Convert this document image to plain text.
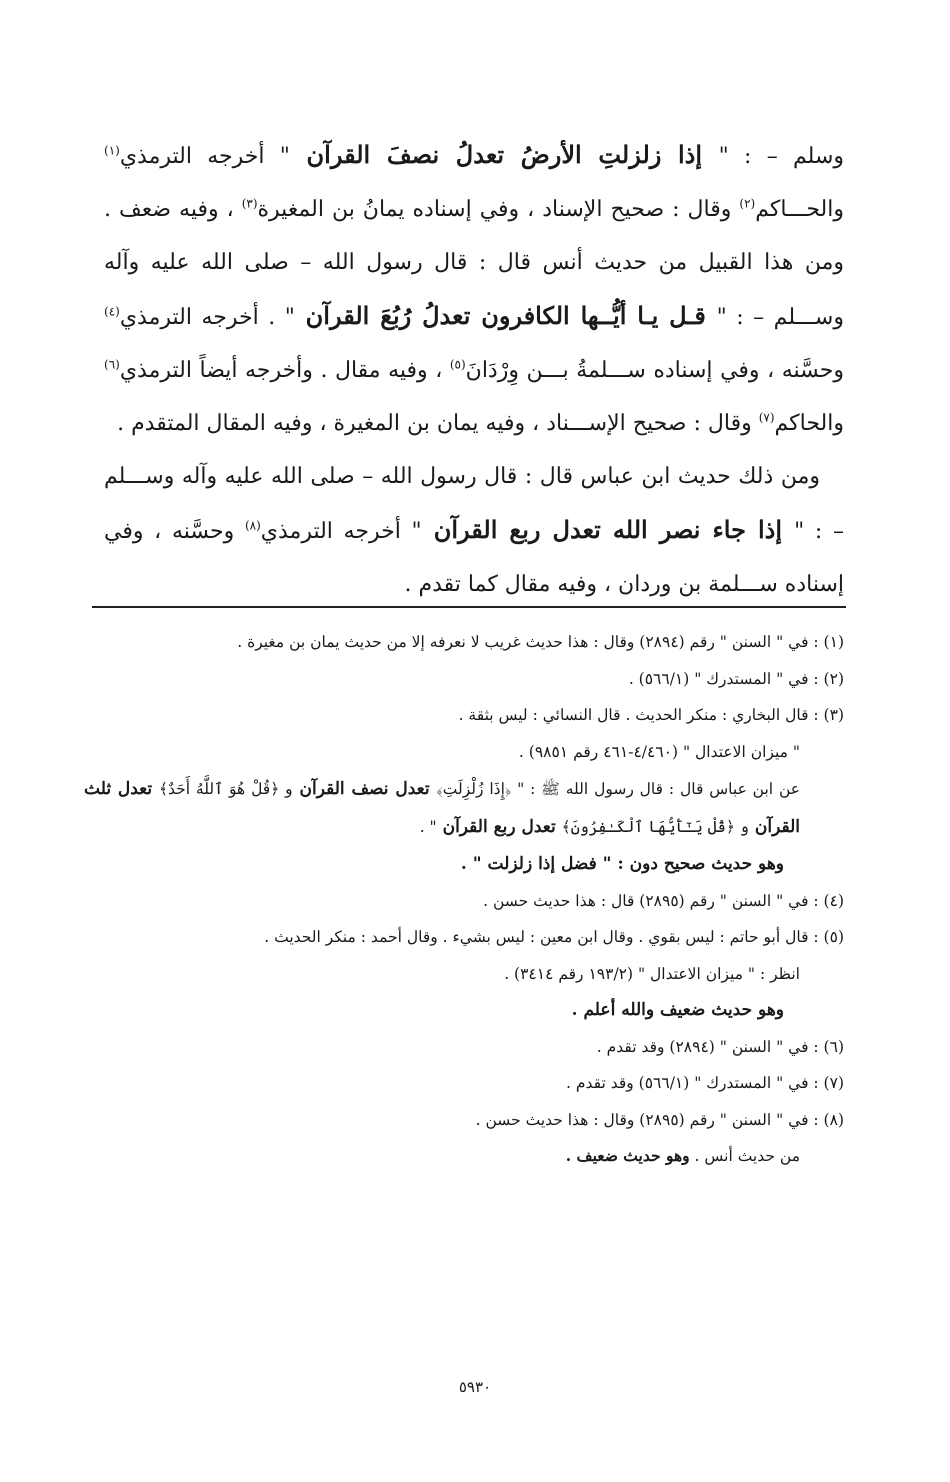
وسلم – : " إذا زلزلتِ الأرضُ تعدلُ نصفَ القرآن " أخرجه الترمذي$^{(١)}$ والحـــاكم$^{(٢)}$ وقال : صحيح الإسناد ، وفي إسناده يمانُ بن المغيرة$^{(٣)}$ ، وفيه ضعف . ومن هذا القبيل من حديث أنس قال : قال رسول الله – صلى الله عليه وآله وســـلم – : " قـل يـا أيُّــها الكافرون تعدلُ رُبُعَ القرآن " . أخرجه الترمذي$^{(٤)}$ وحسَّنه ، وفي إسناده ســـلمةُ بـــن وِرْدَانَ$^{(٥)}$ ، وفيه مقال . وأخرجه أيضاً الترمذي$^{(٦)}$ والحاكم$^{(٧)}$ وقال : صحيح الإســـناد ، وفيه يمان بن المغيرة ، وفيه المقال المتقدم .

ومن ذلك حديث ابن عباس قال : قال رسول الله – صلى الله عليه وآله وســـلم – : " إذا جاء نصر الله تعدل ربع القرآن " أخرجه الترمذي$^{(٨)}$ وحسَّنه ، وفي إسناده ســـلمة بن وردان ، وفيه مقال كما تقدم .

(١) : في " السنن " رقم (٢٨٩٤) وقال : هذا حديث غريب لا نعرفه إلا من حديث يمان بن مغيرة .

(٢) : في " المستدرك " (٥٦٦/١) .

(٣) : قال البخاري : منكر الحديث . قال النسائي : ليس بثقة .

" ميزان الاعتدال " (٤/٤٦٠-٤٦١ رقم ٩٨٥١) .

عن ابن عباس قال : قال رسول الله ﷺ : " ﴿إِذَا زُلْزِلَتِ﴾ تعدل نصف القرآن و ﴿قُلْ هُوَ ٱللَّهُ أَحَدٌ﴾ تعدل ثلث القرآن و ﴿قُلْ يَـٰٓأَيُّهَا ٱلْكَـٰفِرُونَ﴾ تعدل ربع القرآن " .

وهو حديث صحيح دون : " فضل إذا زلزلت " .

(٤) : في " السنن " رقم (٢٨٩٥) قال : هذا حديث حسن .

(٥) : قال أبو حاتم : ليس بقوي . وقال ابن معين : ليس بشيء . وقال أحمد : منكر الحديث .

انظر : " ميزان الاعتدال " (١٩٣/٢ رقم ٣٤١٤) .

وهو حديث ضعيف والله أعلم .

(٦) : في " السنن " (٢٨٩٤) وقد تقدم .

(٧) : في " المستدرك " (٥٦٦/١) وقد تقدم .

(٨) : في " السنن " رقم (٢٨٩٥) وقال : هذا حديث حسن .

من حديث أنس . وهو حديث ضعيف .

٥٩٣٠
